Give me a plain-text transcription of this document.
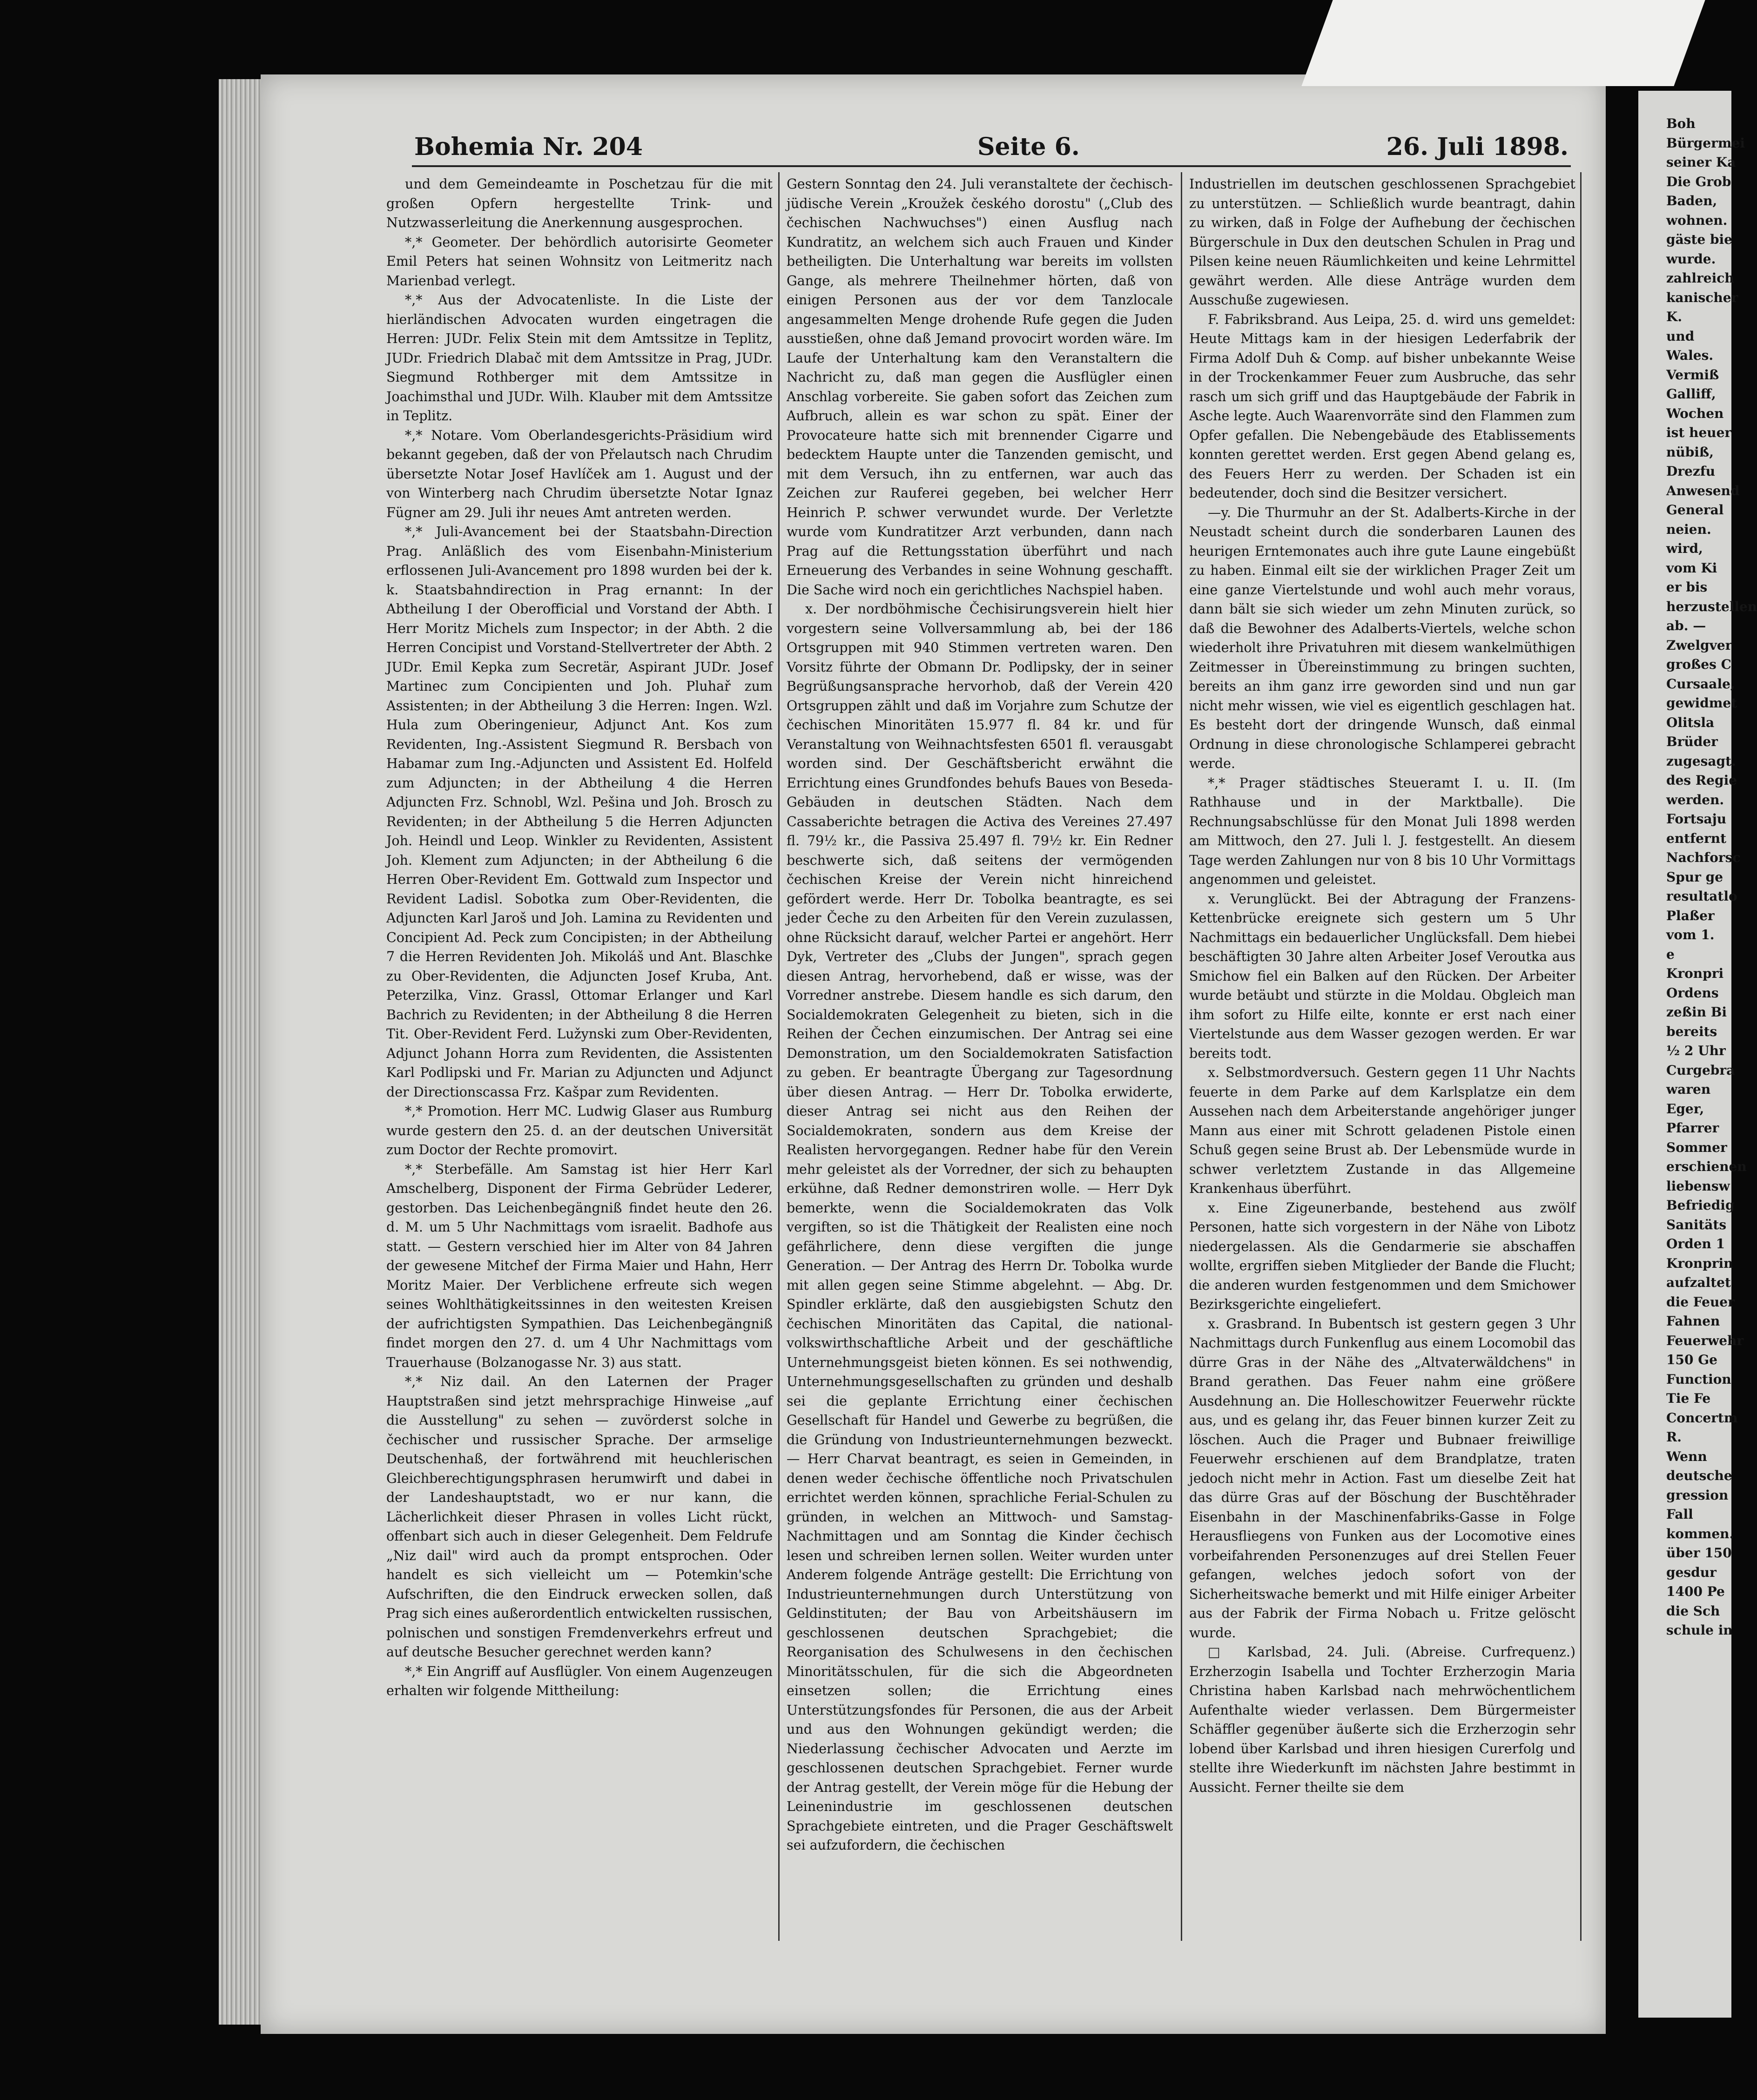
Bohemia Nr. 204	Seite 6.	26. Juli 1898.

und dem Gemeindeamte in Poschetzau für die mit großen Opfern hergestellte Trink- und Nutzwasserleitung die Anerkennung ausgesprochen.

*,* Geometer. Der behördlich autorisirte Geometer Emil Peters hat seinen Wohnsitz von Leitmeritz nach Marienbad verlegt.

*,* Aus der Advocatenliste. In die Liste der hierländischen Advocaten wurden eingetragen die Herren: JUDr. Felix Stein mit dem Amtssitze in Teplitz, JUDr. Friedrich Dlabač mit dem Amtssitze in Prag, JUDr. Siegmund Rothberger mit dem Amtssitze in Joachimsthal und JUDr. Wilh. Klauber mit dem Amtssitze in Teplitz.

*,* Notare. Vom Oberlandesgerichts-Präsidium wird bekannt gegeben, daß der von Přelautsch nach Chrudim übersetzte Notar Josef Havlíček am 1. August und der von Winterberg nach Chrudim übersetzte Notar Ignaz Fügner am 29. Juli ihr neues Amt antreten werden.

*,* Juli-Avancement bei der Staatsbahn-Direction Prag. Anläßlich des vom Eisenbahn-Ministerium erflossenen Juli-Avancement pro 1898 wurden bei der k. k. Staatsbahndirection in Prag ernannt: In der Abtheilung I der Oberofficial und Vorstand der Abth. I Herr Moritz Michels zum Inspector; in der Abth. 2 die Herren Concipist und Vorstand-Stellvertreter der Abth. 2 JUDr. Emil Kepka zum Secretär, Aspirant JUDr. Josef Martinec zum Concipienten und Joh. Pluhař zum Assistenten; in der Abtheilung 3 die Herren: Ingen. Wzl. Hula zum Oberingenieur, Adjunct Ant. Kos zum Revidenten, Ing.-Assistent Siegmund R. Bersbach von Habamar zum Ing.-Adjuncten und Assistent Ed. Holfeld zum Adjuncten; in der Abtheilung 4 die Herren Adjuncten Frz. Schnobl, Wzl. Pešina und Joh. Brosch zu Revidenten; in der Abtheilung 5 die Herren Adjuncten Joh. Heindl und Leop. Winkler zu Revidenten, Assistent Joh. Klement zum Adjuncten; in der Abtheilung 6 die Herren Ober-Revident Em. Gottwald zum Inspector und Revident Ladisl. Sobotka zum Ober-Revidenten, die Adjuncten Karl Jaroš und Joh. Lamina zu Revidenten und Concipient Ad. Peck zum Concipisten; in der Abtheilung 7 die Herren Revidenten Joh. Mikoláš und Ant. Blaschke zu Ober-Revidenten, die Adjuncten Josef Kruba, Ant. Peterzilka, Vinz. Grassl, Ottomar Erlanger und Karl Bachrich zu Revidenten; in der Abtheilung 8 die Herren Tit. Ober-Revident Ferd. Lužynski zum Ober-Revidenten, Adjunct Johann Horra zum Revidenten, die Assistenten Karl Podlipski und Fr. Marian zu Adjuncten und Adjunct der Directionscassa Frz. Kašpar zum Revidenten.

*,* Promotion. Herr MC. Ludwig Glaser aus Rumburg wurde gestern den 25. d. an der deutschen Universität zum Doctor der Rechte promovirt.

*,* Sterbefälle. Am Samstag ist hier Herr Karl Amschelberg, Disponent der Firma Gebrüder Lederer, gestorben. Das Leichenbegängniß findet heute den 26. d. M. um 5 Uhr Nachmittags vom israelit. Badhofe aus statt. — Gestern verschied hier im Alter von 84 Jahren der gewesene Mitchef der Firma Maier und Hahn, Herr Moritz Maier. Der Verblichene erfreute sich wegen seines Wohlthätigkeitssinnes in den weitesten Kreisen der aufrichtigsten Sympathien. Das Leichenbegängniß findet morgen den 27. d. um 4 Uhr Nachmittags vom Trauerhause (Bolzanogasse Nr. 3) aus statt.

*,* Niz dail. An den Laternen der Prager Hauptstraßen sind jetzt mehrsprachige Hinweise „auf die Ausstellung" zu sehen — zuvörderst solche in čechischer und russischer Sprache. Der armselige Deutschenhaß, der fortwährend mit heuchlerischen Gleichberechtigungsphrasen herumwirft und dabei in der Landeshauptstadt, wo er nur kann, die Lächerlichkeit dieser Phrasen in volles Licht rückt, offenbart sich auch in dieser Gelegenheit. Dem Feldrufe „Niz dail" wird auch da prompt entsprochen. Oder handelt es sich vielleicht um — Potemkin'sche Aufschriften, die den Eindruck erwecken sollen, daß Prag sich eines außerordentlich entwickelten russischen, polnischen und sonstigen Fremdenverkehrs erfreut und auf deutsche Besucher gerechnet werden kann?

*,* Ein Angriff auf Ausflügler. Von einem Augenzeugen erhalten wir folgende Mittheilung:

Gestern Sonntag den 24. Juli veranstaltete der čechisch-jüdische Verein „Kroužek českého dorostu" („Club des čechischen Nachwuchses") einen Ausflug nach Kundratitz, an welchem sich auch Frauen und Kinder betheiligten. Die Unterhaltung war bereits im vollsten Gange, als mehrere Theilnehmer hörten, daß von einigen Personen aus der vor dem Tanzlocale angesammelten Menge drohende Rufe gegen die Juden ausstießen, ohne daß Jemand provocirt worden wäre. Im Laufe der Unterhaltung kam den Veranstaltern die Nachricht zu, daß man gegen die Ausflügler einen Anschlag vorbereite. Sie gaben sofort das Zeichen zum Aufbruch, allein es war schon zu spät. Einer der Provocateure hatte sich mit brennender Cigarre und bedecktem Haupte unter die Tanzenden gemischt, und mit dem Versuch, ihn zu entfernen, war auch das Zeichen zur Rauferei gegeben, bei welcher Herr Heinrich P. schwer verwundet wurde. Der Verletzte wurde vom Kundratitzer Arzt verbunden, dann nach Prag auf die Rettungsstation überführt und nach Erneuerung des Verbandes in seine Wohnung geschafft. Die Sache wird noch ein gerichtliches Nachspiel haben.

x. Der nordböhmische Čechisirungsverein hielt hier vorgestern seine Vollversammlung ab, bei der 186 Ortsgruppen mit 940 Stimmen vertreten waren. Den Vorsitz führte der Obmann Dr. Podlipsky, der in seiner Begrüßungsansprache hervorhob, daß der Verein 420 Ortsgruppen zählt und daß im Vorjahre zum Schutze der čechischen Minoritäten 15.977 fl. 84 kr. und für Veranstaltung von Weihnachtsfesten 6501 fl. verausgabt worden sind. Der Geschäftsbericht erwähnt die Errichtung eines Grundfondes behufs Baues von Beseda-Gebäuden in deutschen Städten. Nach dem Cassaberichte betragen die Activa des Vereines 27.497 fl. 79½ kr., die Passiva 25.497 fl. 79½ kr. Ein Redner beschwerte sich, daß seitens der vermögenden čechischen Kreise der Verein nicht hinreichend gefördert werde. Herr Dr. Tobolka beantragte, es sei jeder Čeche zu den Arbeiten für den Verein zuzulassen, ohne Rücksicht darauf, welcher Partei er angehört. Herr Dyk, Vertreter des „Clubs der Jungen", sprach gegen diesen Antrag, hervorhebend, daß er wisse, was der Vorredner anstrebe. Diesem handle es sich darum, den Socialdemokraten Gelegenheit zu bieten, sich in die Reihen der Čechen einzumischen. Der Antrag sei eine Demonstration, um den Socialdemokraten Satisfaction zu geben. Er beantragte Übergang zur Tagesordnung über diesen Antrag. — Herr Dr. Tobolka erwiderte, dieser Antrag sei nicht aus den Reihen der Socialdemokraten, sondern aus dem Kreise der Realisten hervorgegangen. Redner habe für den Verein mehr geleistet als der Vorredner, der sich zu behaupten erkühne, daß Redner demonstriren wolle. — Herr Dyk bemerkte, wenn die Socialdemokraten das Volk vergiften, so ist die Thätigkeit der Realisten eine noch gefährlichere, denn diese vergiften die junge Generation. — Der Antrag des Herrn Dr. Tobolka wurde mit allen gegen seine Stimme abgelehnt. — Abg. Dr. Spindler erklärte, daß den ausgiebigsten Schutz den čechischen Minoritäten das Capital, die national-volkswirthschaftliche Arbeit und der geschäftliche Unternehmungsgeist bieten können. Es sei nothwendig, Unternehmungsgesellschaften zu gründen und deshalb sei die geplante Errichtung einer čechischen Gesellschaft für Handel und Gewerbe zu begrüßen, die die Gründung von Industrieunternehmungen bezweckt. — Herr Charvat beantragt, es seien in Gemeinden, in denen weder čechische öffentliche noch Privatschulen errichtet werden können, sprachliche Ferial-Schulen zu gründen, in welchen an Mittwoch- und Samstag-Nachmittagen und am Sonntag die Kinder čechisch lesen und schreiben lernen sollen. Weiter wurden unter Anderem folgende Anträge gestellt: Die Errichtung von Industrieunternehmungen durch Unterstützung von Geldinstituten; der Bau von Arbeitshäusern im geschlossenen deutschen Sprachgebiet; die Reorganisation des Schulwesens in den čechischen Minoritätsschulen, für die sich die Abgeordneten einsetzen sollen; die Errichtung eines Unterstützungsfondes für Personen, die aus der Arbeit und aus den Wohnungen gekündigt werden; die Niederlassung čechischer Advocaten und Aerzte im geschlossenen deutschen Sprachgebiet. Ferner wurde der Antrag gestellt, der Verein möge für die Hebung der Leinenindustrie im geschlossenen deutschen Sprachgebiete eintreten, und die Prager Geschäftswelt sei aufzufordern, die čechischen

Industriellen im deutschen geschlossenen Sprachgebiet zu unterstützen. — Schließlich wurde beantragt, dahin zu wirken, daß in Folge der Aufhebung der čechischen Bürgerschule in Dux den deutschen Schulen in Prag und Pilsen keine neuen Räumlichkeiten und keine Lehrmittel gewährt werden. Alle diese Anträge wurden dem Ausschuße zugewiesen.

F. Fabriksbrand. Aus Leipa, 25. d. wird uns gemeldet: Heute Mittags kam in der hiesigen Lederfabrik der Firma Adolf Duh & Comp. auf bisher unbekannte Weise in der Trockenkammer Feuer zum Ausbruche, das sehr rasch um sich griff und das Hauptgebäude der Fabrik in Asche legte. Auch Waarenvorräte sind den Flammen zum Opfer gefallen. Die Nebengebäude des Etablissements konnten gerettet werden. Erst gegen Abend gelang es, des Feuers Herr zu werden. Der Schaden ist ein bedeutender, doch sind die Besitzer versichert.

—y. Die Thurmuhr an der St. Adalberts-Kirche in der Neustadt scheint durch die sonderbaren Launen des heurigen Erntemonates auch ihre gute Laune eingebüßt zu haben. Einmal eilt sie der wirklichen Prager Zeit um eine ganze Viertelstunde und wohl auch mehr voraus, dann bält sie sich wieder um zehn Minuten zurück, so daß die Bewohner des Adalberts-Viertels, welche schon wiederholt ihre Privatuhren mit diesem wankelmüthigen Zeitmesser in Übereinstimmung zu bringen suchten, bereits an ihm ganz irre geworden sind und nun gar nicht mehr wissen, wie viel es eigentlich geschlagen hat. Es besteht dort der dringende Wunsch, daß einmal Ordnung in diese chronologische Schlamperei gebracht werde.

*,* Prager städtisches Steueramt I. u. II. (Im Rathhause und in der Marktballe). Die Rechnungsabschlüsse für den Monat Juli 1898 werden am Mittwoch, den 27. Juli l. J. festgestellt. An diesem Tage werden Zahlungen nur von 8 bis 10 Uhr Vormittags angenommen und geleistet.

x. Verunglückt. Bei der Abtragung der Franzens-Kettenbrücke ereignete sich gestern um 5 Uhr Nachmittags ein bedauerlicher Unglücksfall. Dem hiebei beschäftigten 30 Jahre alten Arbeiter Josef Veroutka aus Smichow fiel ein Balken auf den Rücken. Der Arbeiter wurde betäubt und stürzte in die Moldau. Obgleich man ihm sofort zu Hilfe eilte, konnte er erst nach einer Viertelstunde aus dem Wasser gezogen werden. Er war bereits todt.

x. Selbstmordversuch. Gestern gegen 11 Uhr Nachts feuerte in dem Parke auf dem Karlsplatze ein dem Aussehen nach dem Arbeiterstande angehöriger junger Mann aus einer mit Schrott geladenen Pistole einen Schuß gegen seine Brust ab. Der Lebensmüde wurde in schwer verletztem Zustande in das Allgemeine Krankenhaus überführt.

x. Eine Zigeunerbande, bestehend aus zwölf Personen, hatte sich vorgestern in der Nähe von Libotz niedergelassen. Als die Gendarmerie sie abschaffen wollte, ergriffen sieben Mitglieder der Bande die Flucht; die anderen wurden festgenommen und dem Smichower Bezirksgerichte eingeliefert.

x. Grasbrand. In Bubentsch ist gestern gegen 3 Uhr Nachmittags durch Funkenflug aus einem Locomobil das dürre Gras in der Nähe des „Altvaterwäldchens" in Brand gerathen. Das Feuer nahm eine größere Ausdehnung an. Die Holleschowitzer Feuerwehr rückte aus, und es gelang ihr, das Feuer binnen kurzer Zeit zu löschen. Auch die Prager und Bubnaer freiwillige Feuerwehr erschienen auf dem Brandplatze, traten jedoch nicht mehr in Action. Fast um dieselbe Zeit hat das dürre Gras auf der Böschung der Buschtěhrader Eisenbahn in der Maschinenfabriks-Gasse in Folge Herausfliegens von Funken aus der Locomotive eines vorbeifahrenden Personenzuges auf drei Stellen Feuer gefangen, welches jedoch sofort von der Sicherheitswache bemerkt und mit Hilfe einiger Arbeiter aus der Fabrik der Firma Nobach u. Fritze gelöscht wurde.

□ Karlsbad, 24. Juli. (Abreise. Curfrequenz.) Erzherzogin Isabella und Tochter Erzherzogin Maria Christina haben Karlsbad nach mehrwöchentlichem Aufenthalte wieder verlassen. Dem Bürgermeister Schäffler gegenüber äußerte sich die Erzherzogin sehr lobend über Karlsbad und ihren hiesigen Curerfolg und stellte ihre Wiederkunft im nächsten Jahre bestimmt in Aussicht. Ferner theilte sie dem

Boh
Bürgermei
seiner Ka
Die Grob
Baden,
wohnen.
gäste bie
wurde.
zahlreich
kanischer
K.
und
Wales.
Vermiß
Galliff,
Wochen
ist heuer
nübiß,
Drezfu
Anwesend
General
neien.
wird,
vom Ki
er bis
herzustellen
ab. —
Zwelgver
großes C
Cursaale,
gewidmet
Olitsla
Brüder
zugesagt.
des Regie
werden.
Fortsaju
entfernt
Nachforsc
Spur ge
resultatlo
Plaßer
vom 1.
e
Kronpri
Ordens
zeßin Bi
bereits
½ 2 Uhr
Curgebra
waren
Eger,
Pfarrer
Sommer
erschienen
liebensw
Befriedig
Sanitäts
Orden 1
Kronprin
aufzaltet
die Feuer
Fahnen
Feuerwehr
150 Ge
Function
Tie Fe
Concertm
R.
Wenn
deutsche
gression
Fall
kommen.
über 150
gesdur
1400 Pe
die Sch
schule in
